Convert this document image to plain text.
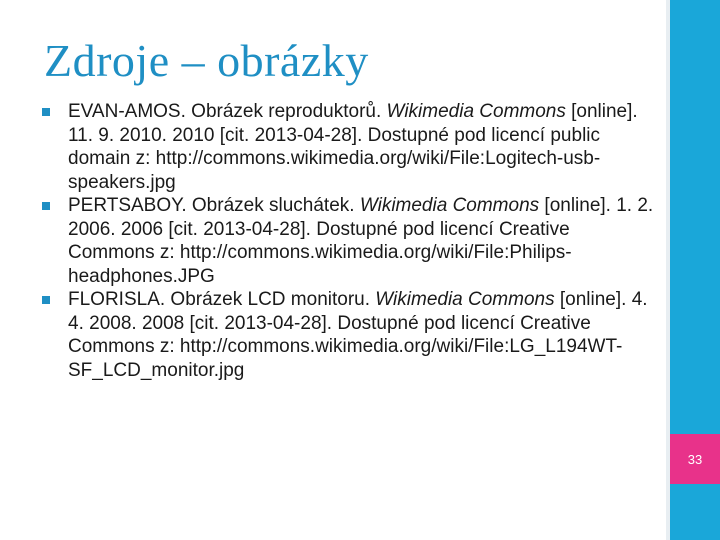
33
Zdroje – obrázky
EVAN-AMOS. Obrázek reproduktorů. Wikimedia Commons [online]. 11. 9. 2010. 2010 [cit. 2013-04-28]. Dostupné pod licencí public domain z: http://commons.wikimedia.org/wiki/File:Logitech-usb-speakers.jpg
PERTSABOY. Obrázek sluchátek. Wikimedia Commons [online]. 1. 2. 2006. 2006 [cit. 2013-04-28]. Dostupné pod licencí Creative Commons z: http://commons.wikimedia.org/wiki/File:Philips-headphones.JPG
FLORISLA. Obrázek LCD monitoru. Wikimedia Commons [online]. 4. 4. 2008. 2008 [cit. 2013-04-28]. Dostupné pod licencí Creative Commons z: http://commons.wikimedia.org/wiki/File:LG_L194WT-SF_LCD_monitor.jpg
